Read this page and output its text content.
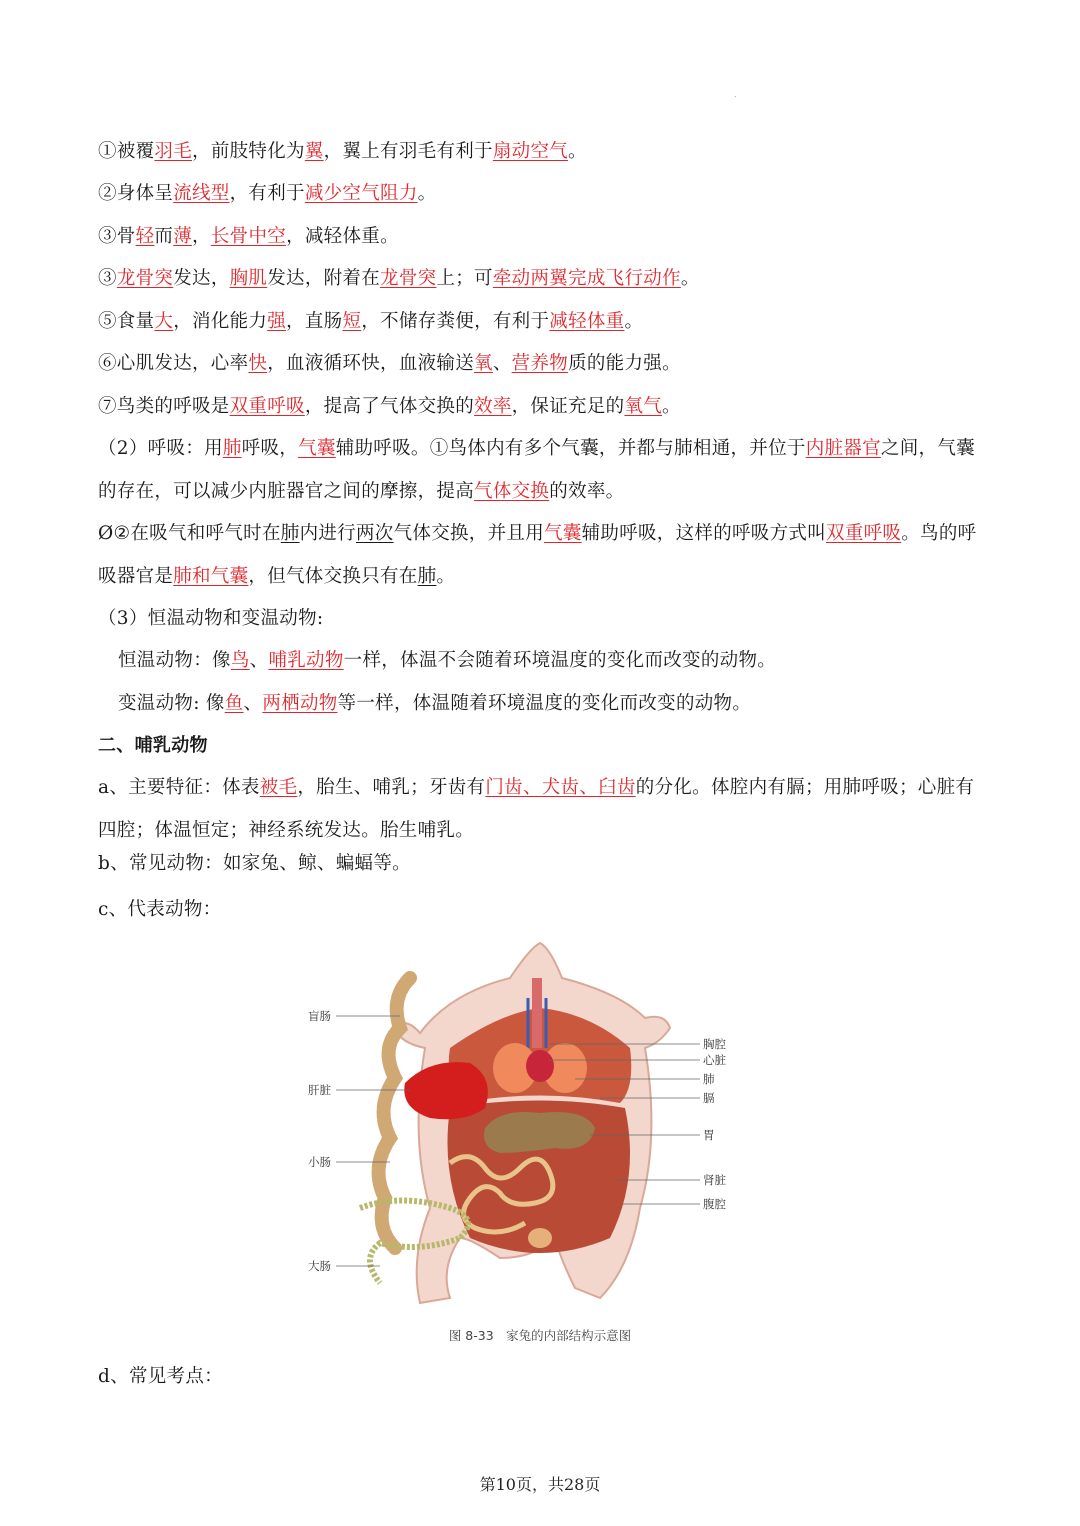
.
①被覆羽毛，前肢特化为翼，翼上有羽毛有利于扇动空气。
②身体呈流线型，有利于减少空气阻力。
③骨轻而薄，长骨中空，减轻体重。
③龙骨突发达，胸肌发达，附着在龙骨突上；可牵动两翼完成飞行动作。
⑤食量大，消化能力强，直肠短，不储存粪便，有利于减轻体重。
⑥心肌发达，心率快，血液循环快，血液输送氧、营养物质的能力强。
⑦鸟类的呼吸是双重呼吸，提高了气体交换的效率，保证充足的氧气。
（2）呼吸：用肺呼吸，气囊辅助呼吸。①鸟体内有多个气囊，并都与肺相通，并位于内脏器官之间，气囊
的存在，可以减少内脏器官之间的摩擦，提高气体交换的效率。
Ø②在吸气和呼气时在肺内进行两次气体交换，并且用气囊辅助呼吸，这样的呼吸方式叫双重呼吸。鸟的呼
吸器官是肺和气囊，但气体交换只有在肺。
（3）恒温动物和变温动物:
恒温动物：像鸟、哺乳动物一样，体温不会随着环境温度的变化而改变的动物。
变温动物: 像鱼、两栖动物等一样，体温随着环境温度的变化而改变的动物。
二、哺乳动物
a、主要特征：体表被毛，胎生、哺乳；牙齿有门齿、犬齿、臼齿的分化。体腔内有膈；用肺呼吸；心脏有
四腔；体温恒定；神经系统发达。胎生哺乳。
b、常见动物：如家兔、鲸、蝙蝠等。
c、代表动物：
d、常见考点：
盲肠
肝脏
小肠
大肠
胸腔
心脏
肺
膈
胃
肾脏
腹腔
图 8-33　家兔的内部结构示意图
第10页，共28页
